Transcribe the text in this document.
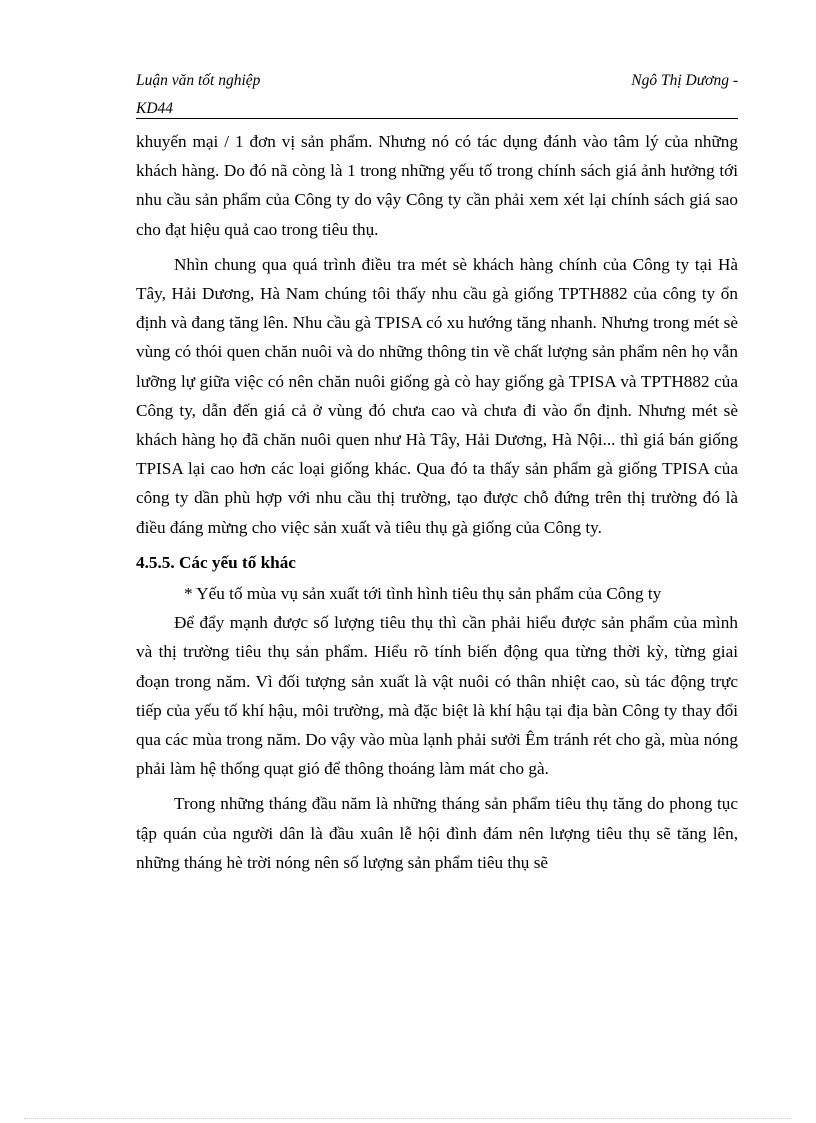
Luận văn tốt nghiệp	Ngô Thị Dương -
KD44

khuyến mại / 1 đơn vị sản phẩm. Nhưng nó có tác dụng đánh vào tâm lý của những khách hàng. Do đó nã còng là 1 trong những yếu tố trong chính sách giá ảnh hưởng tới nhu cầu sản phẩm của Công ty do vậy Công ty cần phải xem xét lại chính sách giá sao cho đạt hiệu quả cao trong tiêu thụ.

Nhìn chung qua quá trình điều tra mét sè khách hàng chính của Công ty tại Hà Tây, Hải Dương, Hà Nam chúng tôi thấy nhu cầu gà giống TPTH882 của công ty ổn định và đang tăng lên. Nhu cầu gà TPISA có xu hướng tăng nhanh. Nhưng trong mét sè vùng có thói quen chăn nuôi và do những thông tin về chất lượng sản phẩm nên họ vẫn lưỡng lự giữa việc có nên chăn nuôi giống gà cò hay giống gà TPISA và TPTH882 của Công ty, dẫn đến giá cả ở vùng đó chưa cao và chưa đi vào ổn định. Nhưng mét sè khách hàng họ đã chăn nuôi quen như Hà Tây, Hải Dương, Hà Nội... thì giá bán giống TPISA lại cao hơn các loại giống khác. Qua đó ta thấy sản phẩm gà giống TPISA của công ty dần phù hợp với nhu cầu thị trường, tạo được chỗ đứng trên thị trường đó là điều đáng mừng cho việc sản xuất và tiêu thụ gà giống của Công ty.

4.5.5. Các yếu tố khác

* Yếu tố mùa vụ sản xuất tới tình hình tiêu thụ sản phẩm của Công ty

Để đẩy mạnh được số lượng tiêu thụ thì cần phải hiểu được sản phẩm của mình và thị trường tiêu thụ sản phẩm. Hiểu rõ tính biến động qua từng thời kỳ, từng giai đoạn trong năm. Vì đối tượng sản xuất là vật nuôi có thân nhiệt cao, sù tác động trực tiếp của yếu tố khí hậu, môi trường, mà đặc biệt là khí hậu tại địa bàn Công ty thay đổi qua các mùa trong năm. Do vậy vào mùa lạnh phải sưởi Êm tránh rét cho gà, mùa nóng phải làm hệ thống quạt gió để thông thoáng làm mát cho gà.

Trong những tháng đầu năm là những tháng sản phẩm tiêu thụ tăng do phong tục tập quán của người dân là đầu xuân lễ hội đình đám nên lượng tiêu thụ sẽ tăng lên, những tháng hè trời nóng nên số lượng sản phẩm tiêu thụ sẽ
